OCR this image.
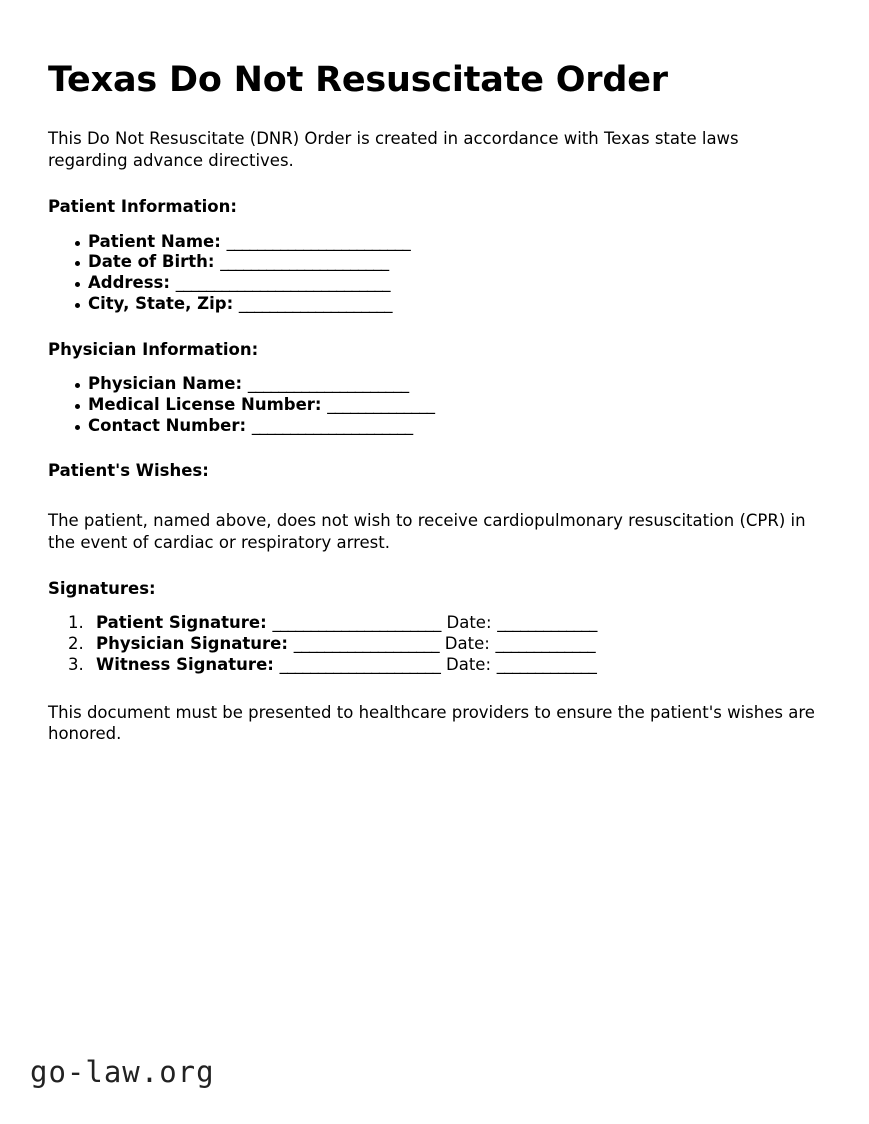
Texas Do Not Resuscitate Order

This Do Not Resuscitate (DNR) Order is created in accordance with Texas state laws regarding advance directives.

Patient Information:
Patient Name: ________________________
Date of Birth: ______________________
Address: ____________________________
City, State, Zip: ____________________
Physician Information:
Physician Name: _____________________
Medical License Number: ______________
Contact Number: _____________________
Patient's Wishes:

The patient, named above, does not wish to receive cardiopulmonary resuscitation (CPR) in the event of cardiac or respiratory arrest.

Signatures:
Patient Signature: ______________________ Date: _____________
Physician Signature: ___________________ Date: _____________
Witness Signature: _____________________ Date: _____________

This document must be presented to healthcare providers to ensure the patient's wishes are honored.

go-law.org
